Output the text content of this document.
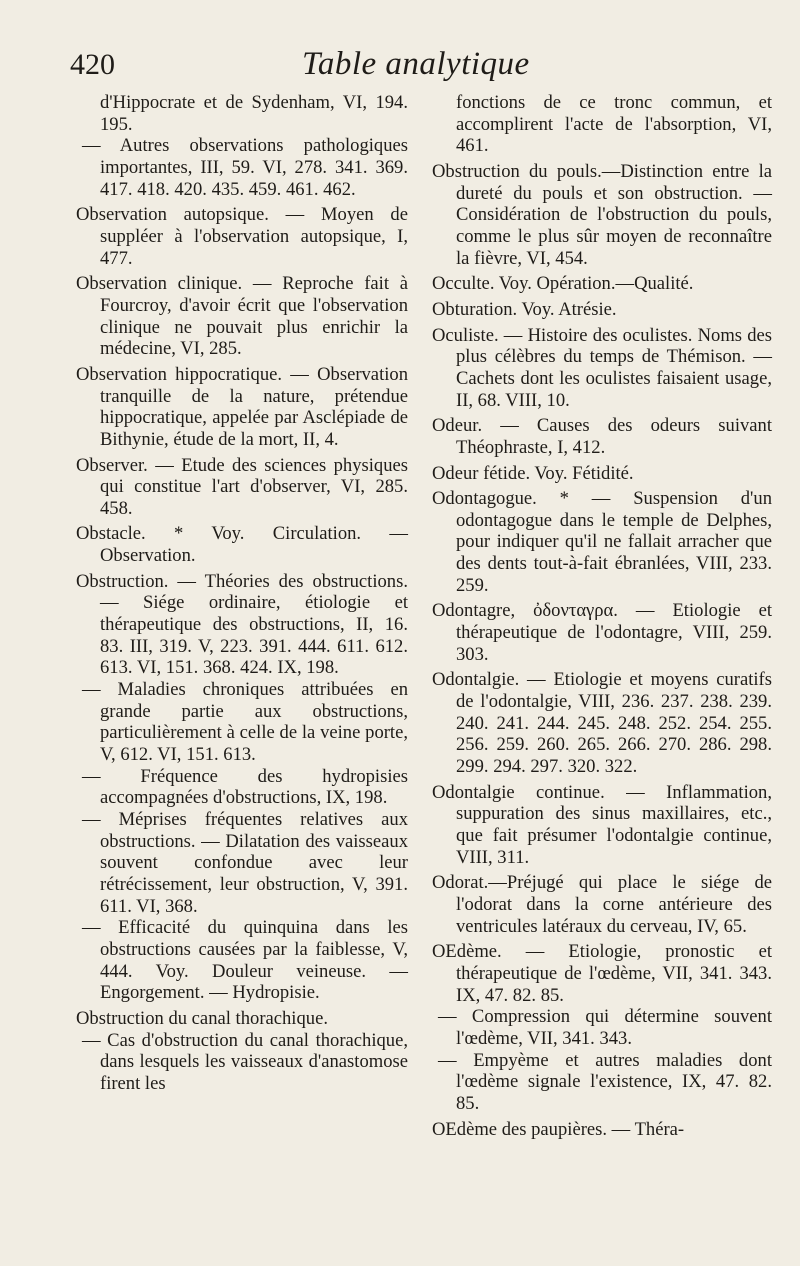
420	Table analytique

d'Hippocrate et de Sydenham, VI, 194. 195.

— Autres observations pathologiques importantes, III, 59. VI, 278. 341. 369. 417. 418. 420. 435. 459. 461. 462.

Observation autopsique. — Moyen de suppléer à l'observation autopsique, I, 477.

Observation clinique. — Reproche fait à Fourcroy, d'avoir écrit que l'observation clinique ne pouvait plus enrichir la médecine, VI, 285.

Observation hippocratique. — Observation tranquille de la nature, prétendue hippocratique, appelée par Asclépiade de Bithynie, étude de la mort, II, 4.

Observer. — Etude des sciences physiques qui constitue l'art d'observer, VI, 285. 458.

Obstacle. * Voy. Circulation. — Observation.

Obstruction. — Théories des obstructions. — Siége ordinaire, étiologie et thérapeutique des obstructions, II, 16. 83. III, 319. V, 223. 391. 444. 611. 612. 613. VI, 151. 368. 424. IX, 198.

— Maladies chroniques attribuées en grande partie aux obstructions, particulièrement à celle de la veine porte, V, 612. VI, 151. 613.

— Fréquence des hydropisies accompagnées d'obstructions, IX, 198.

— Méprises fréquentes relatives aux obstructions. — Dilatation des vaisseaux souvent confondue avec leur rétrécissement, leur obstruction, V, 391. 611. VI, 368.

— Efficacité du quinquina dans les obstructions causées par la faiblesse, V, 444. Voy. Douleur veineuse. — Engorgement. — Hydropisie.

Obstruction du canal thorachique.

— Cas d'obstruction du canal thorachique, dans lesquels les vaisseaux d'anastomose firent les

fonctions de ce tronc commun, et accomplirent l'acte de l'absorption, VI, 461.

Obstruction du pouls.—Distinction entre la dureté du pouls et son obstruction. — Considération de l'obstruction du pouls, comme le plus sûr moyen de reconnaître la fièvre, VI, 454.

Occulte. Voy. Opération.—Qualité.

Obturation. Voy. Atrésie.

Oculiste. — Histoire des oculistes. Noms des plus célèbres du temps de Thémison. — Cachets dont les oculistes faisaient usage, II, 68. VIII, 10.

Odeur. — Causes des odeurs suivant Théophraste, I, 412.

Odeur fétide. Voy. Fétidité.

Odontagogue. * — Suspension d'un odontagogue dans le temple de Delphes, pour indiquer qu'il ne fallait arracher que des dents tout-à-fait ébranlées, VIII, 233. 259.

Odontagre, ὀδονταγρα. — Etiologie et thérapeutique de l'odontagre, VIII, 259. 303.

Odontalgie. — Etiologie et moyens curatifs de l'odontalgie, VIII, 236. 237. 238. 239. 240. 241. 244. 245. 248. 252. 254. 255. 256. 259. 260. 265. 266. 270. 286. 298. 299. 294. 297. 320. 322.

Odontalgie continue. — Inflammation, suppuration des sinus maxillaires, etc., que fait présumer l'odontalgie continue, VIII, 311.

Odorat.—Préjugé qui place le siége de l'odorat dans la corne antérieure des ventricules latéraux du cerveau, IV, 65.

OEdème. — Etiologie, pronostic et thérapeutique de l'œdème, VII, 341. 343. IX, 47. 82. 85.

— Compression qui détermine souvent l'œdème, VII, 341. 343.

— Empyème et autres maladies dont l'œdème signale l'existence, IX, 47. 82. 85.

OEdème des paupières. — Théra-
